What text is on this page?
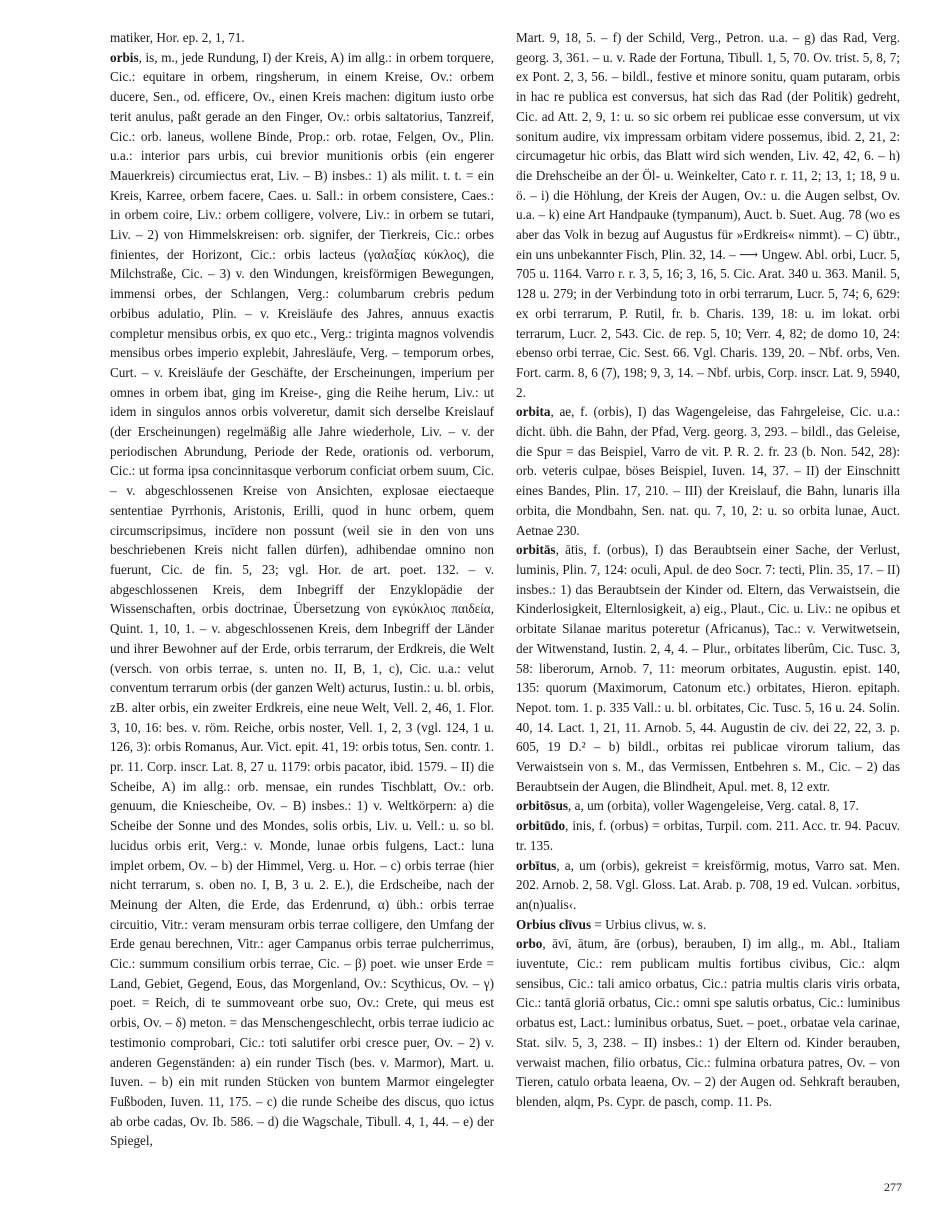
matiker, Hor. ep. 2, 1, 71.

orbis, is, m., jede Rundung, I) der Kreis, A) im allg.: in orbem torquere, Cic.: equitare in orbem, ringsherum, in einem Kreise, Ov.: orbem ducere, Sen., od. efficere, Ov., einen Kreis machen: digitum iusto orbe terit anulus, paßt gerade an den Finger, Ov.: orbis saltatorius, Tanzreif, Cic.: orb. laneus, wollene Binde, Prop.: orb. rotae, Felgen, Ov., Plin. u.a.: interior pars urbis, cui brevior munitionis orbis (ein engerer Mauerkreis) circumiectus erat, Liv. – B) insbes.: 1) als milit. t. t. = ein Kreis, Karree, orbem facere, Caes. u. Sall.: in orbem consistere, Caes.: in orbem coire, Liv.: orbem colligere, volvere, Liv.: in orbem se tutari, Liv. – 2) von Himmelskreisen: orb. signifer, der Tierkreis, Cic.: orbes finientes, der Horizont, Cic.: orbis lacteus (γαλαξίας κύκλος), die Milchstraße, Cic. – 3) v. den Windungen, kreisförmigen Bewegungen, immensi orbes, der Schlangen, Verg.: columbarum crebris pedum orbibus adulatio, Plin. – v. Kreisläufe des Jahres, annuus exactis completur mensibus orbis, ex quo etc., Verg.: triginta magnos volvendis mensibus orbes imperio explebit, Jahresläufe, Verg. – temporum orbes, Curt. – v. Kreisläufe der Geschäfte, der Erscheinungen, imperium per omnes in orbem ibat, ging im Kreise-, ging die Reihe herum, Liv.: ut idem in singulos annos orbis volveretur, damit sich derselbe Kreislauf (der Erscheinungen) regelmäßig alle Jahre wiederhole, Liv. – v. der periodischen Abrundung, Periode der Rede, orationis od. verborum, Cic.: ut forma ipsa concinnitasque verborum conficiat orbem suum, Cic. – v. abgeschlossenen Kreise von Ansichten, explosae eiectaeque sententiae Pyrrhonis, Aristonis, Erilli, quod in hunc orbem, quem circumscripsimus, incīdere non possunt (weil sie in den von uns beschriebenen Kreis nicht fallen dürfen), adhibendae omnino non fuerunt, Cic. de fin. 5, 23; vgl. Hor. de art. poet. 132. – v. abgeschlossenen Kreis, dem Inbegriff der Enzyklopädie der Wissenschaften, orbis doctrinae, Übersetzung von εγκύκλιος παιδεία, Quint. 1, 10, 1. – v. abgeschlossenen Kreis, dem Inbegriff der Länder und ihrer Bewohner auf der Erde, orbis terrarum, der Erdkreis, die Welt (versch. von orbis terrae, s. unten no. II, B, 1, c), Cic. u.a.: velut conventum terrarum orbis (der ganzen Welt) acturus, Iustin.: u. bl. orbis, zB. alter orbis, ein zweiter Erdkreis, eine neue Welt, Vell. 2, 46, 1. Flor. 3, 10, 16: bes. v. röm. Reiche, orbis noster, Vell. 1, 2, 3 (vgl. 124, 1 u. 126, 3): orbis Romanus, Aur. Vict. epit. 41, 19: orbis totus, Sen. contr. 1. pr. 11. Corp. inscr. Lat. 8, 27 u. 1179: orbis pacator, ibid. 1579. – II) die Scheibe, A) im allg.: orb. mensae, ein rundes Tischblatt, Ov.: orb. genuum, die Kniescheibe, Ov. – B) insbes.: 1) v. Weltkörpern: a) die Scheibe der Sonne und des Mondes, solis orbis, Liv. u. Vell.: u. so bl. lucidus orbis erit, Verg.: v. Monde, lunae orbis fulgens, Lact.: luna implet orbem, Ov. – b) der Himmel, Verg. u. Hor. – c) orbis terrae (hier nicht terrarum, s. oben no. I, B, 3 u. 2. E.), die Erdscheibe, nach der Meinung der Alten, die Erde, das Erdenrund, α) übh.: orbis terrae circuitio, Vitr.: veram mensuram orbis terrae colligere, den Umfang der Erde genau berechnen, Vitr.: ager Campanus orbis terrae pulcherrimus, Cic.: summum consilium orbis terrae, Cic. – β) poet. wie unser Erde = Land, Gebiet, Gegend, Eous, das Morgenland, Ov.: Scythicus, Ov. – γ) poet. = Reich, di te summoveant orbe suo, Ov.: Crete, qui meus est orbis, Ov. – δ) meton. = das Menschengeschlecht, orbis terrae iudicio ac testimonio comprobari, Cic.: toti salutifer orbi cresce puer, Ov. – 2) v. anderen Gegenständen: a) ein runder Tisch (bes. v. Marmor), Mart. u. Iuven. – b) ein mit runden Stücken von buntem Marmor eingelegter Fußboden, Iuven. 11, 175. – c) die runde Scheibe des discus, quo ictus ab orbe cadas, Ov. Ib. 586. – d) die Wagschale, Tibull. 4, 1, 44. – e) der Spiegel,

Mart. 9, 18, 5. – f) der Schild, Verg., Petron. u.a. – g) das Rad, Verg. georg. 3, 361. – u. v. Rade der Fortuna, Tibull. 1, 5, 70. Ov. trist. 5, 8, 7; ex Pont. 2, 3, 56. – bildl., festive et minore sonitu, quam putaram, orbis in hac re publica est conversus, hat sich das Rad (der Politik) gedreht, Cic. ad Att. 2, 9, 1: u. so sic orbem rei publicae esse conversum, ut vix sonitum audire, vix impressam orbitam videre possemus, ibid. 2, 21, 2: circumagetur hic orbis, das Blatt wird sich wenden, Liv. 42, 42, 6. – h) die Drehscheibe an der Öl- u. Weinkelter, Cato r. r. 11, 2; 13, 1; 18, 9 u. ö. – i) die Höhlung, der Kreis der Augen, Ov.: u. die Augen selbst, Ov. u.a. – k) eine Art Handpauke (tympanum), Auct. b. Suet. Aug. 78 (wo es aber das Volk in bezug auf Augustus für »Erdkreis« nimmt). – C) übtr., ein uns unbekannter Fisch, Plin. 32, 14. – ⟶ Ungew. Abl. orbi, Lucr. 5, 705 u. 1164. Varro r. r. 3, 5, 16; 3, 16, 5. Cic. Arat. 340 u. 363. Manil. 5, 128 u. 279; in der Verbindung toto in orbi terrarum, Lucr. 5, 74; 6, 629: ex orbi terrarum, P. Rutil, fr. b. Charis. 139, 18: u. im lokat. orbi terrarum, Lucr. 2, 543. Cic. de rep. 5, 10; Verr. 4, 82; de domo 10, 24: ebenso orbi terrae, Cic. Sest. 66. Vgl. Charis. 139, 20. – Nbf. orbs, Ven. Fort. carm. 8, 6 (7), 198; 9, 3, 14. – Nbf. urbis, Corp. inscr. Lat. 9, 5940, 2.

orbita, ae, f. (orbis), I) das Wagengeleise, das Fahrgeleise, Cic. u.a.: dicht. übh. die Bahn, der Pfad, Verg. georg. 3, 293. – bildl., das Geleise, die Spur = das Beispiel, Varro de vit. P. R. 2. fr. 23 (b. Non. 542, 28): orb. veteris culpae, böses Beispiel, Iuven. 14, 37. – II) der Einschnitt eines Bandes, Plin. 17, 210. – III) der Kreislauf, die Bahn, lunaris illa orbita, die Mondbahn, Sen. nat. qu. 7, 10, 2: u. so orbita lunae, Auct. Aetnae 230.

orbitās, ātis, f. (orbus), I) das Beraubtsein einer Sache, der Verlust, luminis, Plin. 7, 124: oculi, Apul. de deo Socr. 7: tecti, Plin. 35, 17. – II) insbes.: 1) das Beraubtsein der Kinder od. Eltern, das Verwaistsein, die Kinderlosigkeit, Elternlosigkeit, a) eig., Plaut., Cic. u. Liv.: ne opibus et orbitate Silanae maritus poteretur (Africanus), Tac.: v. Verwitwetsein, der Witwenstand, Iustin. 2, 4, 4. – Plur., orbitates liberûm, Cic. Tusc. 3, 58: liberorum, Arnob. 7, 11: meorum orbitates, Augustin. epist. 140, 135: quorum (Maximorum, Catonum etc.) orbitates, Hieron. epitaph. Nepot. tom. 1. p. 335 Vall.: u. bl. orbitates, Cic. Tusc. 5, 16 u. 24. Solin. 40, 14. Lact. 1, 21, 11. Arnob. 5, 44. Augustin de civ. dei 22, 22, 3. p. 605, 19 D.² – b) bildl., orbitas rei publicae virorum talium, das Verwaistsein von s. M., das Vermissen, Entbehren s. M., Cic. – 2) das Beraubtsein der Augen, die Blindheit, Apul. met. 8, 12 extr.

orbitōsus, a, um (orbita), voller Wagengeleise, Verg. catal. 8, 17.

orbitūdo, inis, f. (orbus) = orbitas, Turpil. com. 211. Acc. tr. 94. Pacuv. tr. 135.

orbītus, a, um (orbis), gekreist = kreisförmig, motus, Varro sat. Men. 202. Arnob. 2, 58. Vgl. Gloss. Lat. Arab. p. 708, 19 ed. Vulcan. ›orbitus, an(n)ualis‹.

Orbius clīvus = Urbius clivus, w. s.

orbo, āvī, ātum, āre (orbus), berauben, I) im allg., m. Abl., Italiam iuventute, Cic.: rem publicam multis fortibus civibus, Cic.: alqm sensibus, Cic.: tali amico orbatus, Cic.: patria multis claris viris orbata, Cic.: tantā gloriā orbatus, Cic.: omni spe salutis orbatus, Cic.: luminibus orbatus est, Lact.: luminibus orbatus, Suet. – poet., orbatae vela carinae, Stat. silv. 5, 3, 238. – II) insbes.: 1) der Eltern od. Kinder berauben, verwaist machen, filio orbatus, Cic.: fulmina orbatura patres, Ov. – von Tieren, catulo orbata leaena, Ov. – 2) der Augen od. Sehkraft berauben, blenden, alqm, Ps. Cypr. de pasch, comp. 11. Ps.

277
